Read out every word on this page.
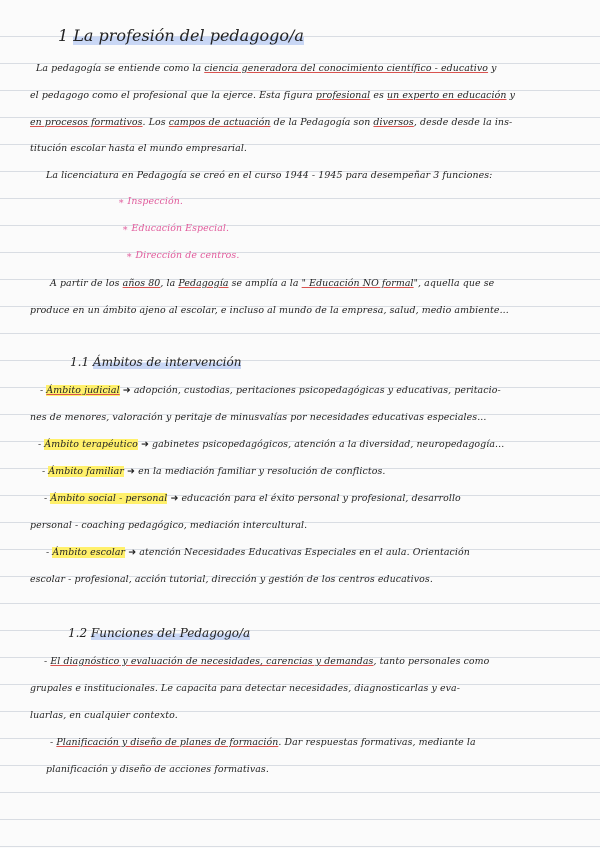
1 La profesión del pedagogo/a
La pedagogía se entiende como la ciencia generadora del conocimiento científico - educativo y
el pedagogo como el profesional que la ejerce. Esta figura profesional es un experto en educación y
en procesos formativos. Los campos de actuación de la Pedagogía son diversos, desde desde la ins-
titución escolar hasta el mundo empresarial.
La licenciatura en Pedagogía se creó en el curso 1944 - 1945 para desempeñar 3 funciones:
∗ Inspección.
∗ Educación Especial.
∗ Dirección de centros.
A partir de los años 80, la Pedagogía se amplía a la " Educación NO formal", aquella que se
produce en un ámbito ajeno al escolar, e incluso al mundo de la empresa, salud, medio ambiente...
1.1 Ámbitos de intervención
- Ámbito judicial ➜ adopción, custodias, peritaciones psicopedagógicas y educativas, peritacio-
nes de menores, valoración y peritaje de minusvalías por necesidades educativas especiales...
- Ámbito terapéutico ➜ gabinetes psicopedagógicos, atención a la diversidad, neuropedagogía...
- Ámbito familiar ➜ en la mediación familiar y resolución de conflictos.
- Ámbito social - personal ➜ educación para el éxito personal y profesional, desarrollo
personal - coaching pedagógico, mediación intercultural.
- Ámbito escolar ➜ atención Necesidades Educativas Especiales en el aula. Orientación
escolar - profesional, acción tutorial, dirección y gestión de los centros educativos.
1.2 Funciones del Pedagogo/a
- El diagnóstico y evaluación de necesidades, carencias y demandas, tanto personales como
grupales e institucionales. Le capacita para detectar necesidades, diagnosticarlas y eva-
luarlas, en cualquier contexto.
- Planificación y diseño de planes de formación. Dar respuestas formativas, mediante la
planificación y diseño de acciones formativas.
